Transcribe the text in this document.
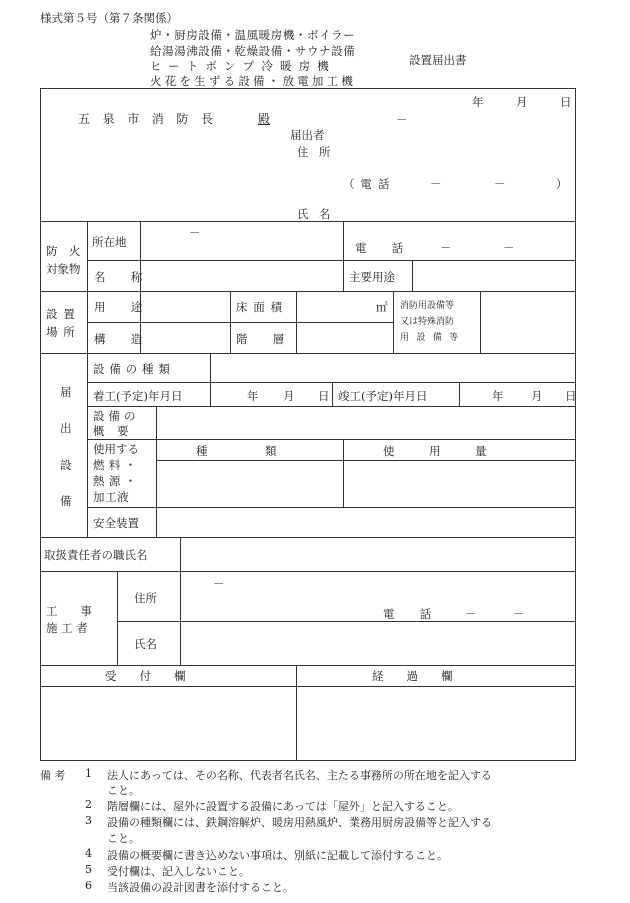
様式第５号（第７条関係）
炉・厨房設備・温風暖房機・ボイラー
給湯湯沸設備・乾燥設備・サウナ設備
ヒートポンプ冷暖房機
火花を生ずる設備・放電加工機
設置届出書
年	月	日
五泉市消防長	殿	－
届出者
住所
（電 話	－	－	）
氏名
防　火
対象物
所在地
－
電　話	－	－
名　称	主要用途
設置
場所
用　途	床面積	㎡
構　造	階　層
消防用設備等
又は特殊消防
用 設 備 等
届
出
設
備
設備の種類
着工(予定)年月日	年 月 日 竣工(予定)年月日	年 月 日
設備の
概　要
使用する
燃料・
熱源・
加工液
種　　　　　類	使　　　用　　　量
安全装置
取扱責任者の職氏名
工　　事
施 工 者
住所
－
電　話 －	－
氏名
受　　付　　欄	経　　過　　欄
備考 1 法人にあっては、その名称、代表者名氏名、主たる事務所の所在地を記入する
こと。
2 階層欄には、屋外に設置する設備にあっては「屋外」と記入すること。
3 設備の種類欄には、鉄鋼溶解炉、暖房用熱風炉、業務用厨房設備等と記入する
こと。
4 設備の概要欄に書き込めない事項は、別紙に記載して添付すること。
5 受付欄は、記入しないこと。
6 当該設備の設計図書を添付すること。
